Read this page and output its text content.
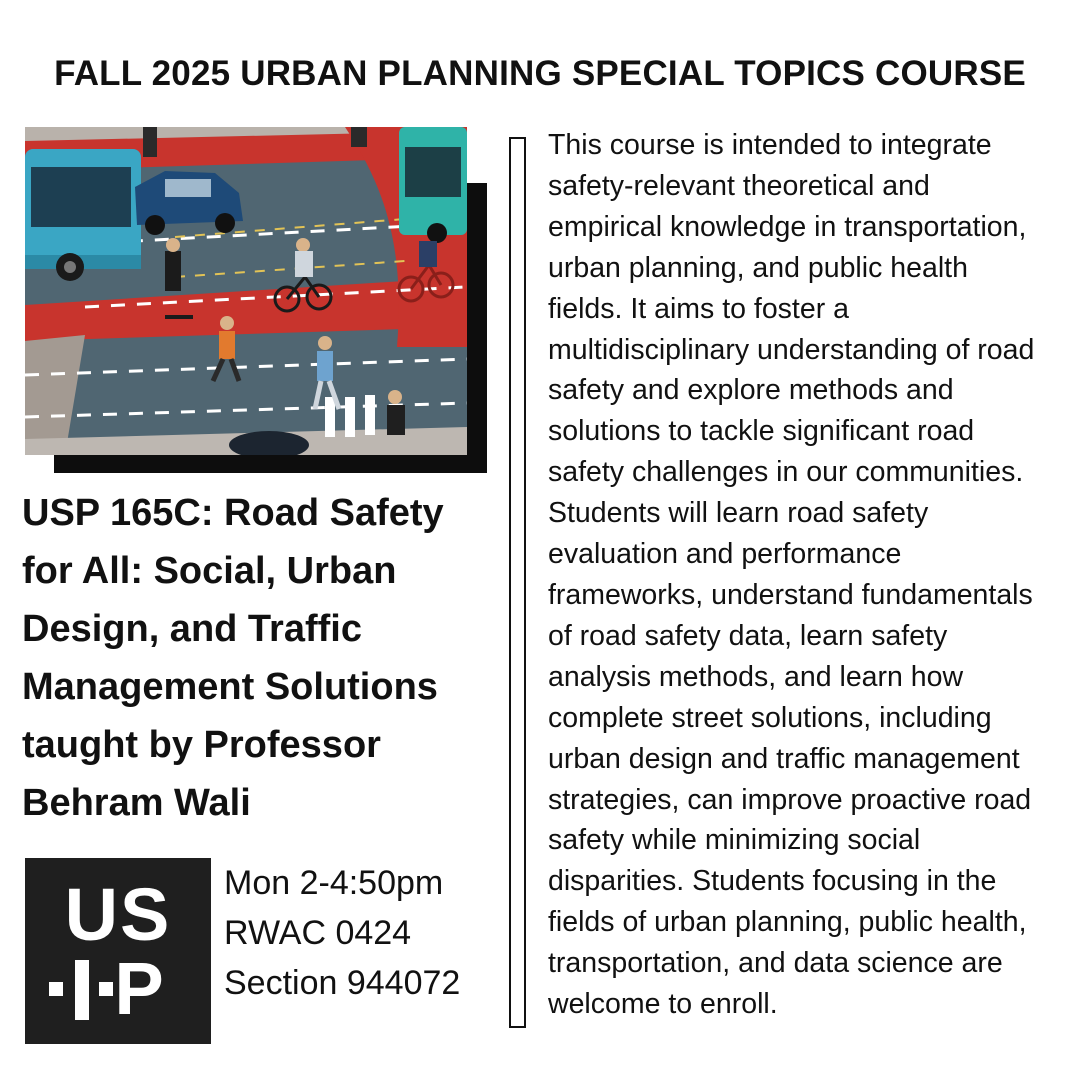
FALL 2025 URBAN PLANNING SPECIAL TOPICS COURSE
USP 165C: Road Safety for All: Social, Urban Design, and Traffic Management Solutions taught by Professor Behram Wali
US
P
Mon 2-4:50pm
RWAC 0424
Section 944072
This course is intended to integrate safety-relevant theoretical and empirical knowledge in transportation, urban planning, and public health fields. It aims to foster a multidisciplinary understanding of road safety and explore methods and solutions to tackle significant road safety challenges in our communities. Students will learn road safety evaluation and performance frameworks, understand fundamentals of road safety data, learn safety analysis methods, and learn how complete street solutions, including urban design and traffic management strategies, can improve proactive road safety while minimizing social disparities. Students focusing in the fields of urban planning, public health, transportation, and data science are welcome to enroll.
